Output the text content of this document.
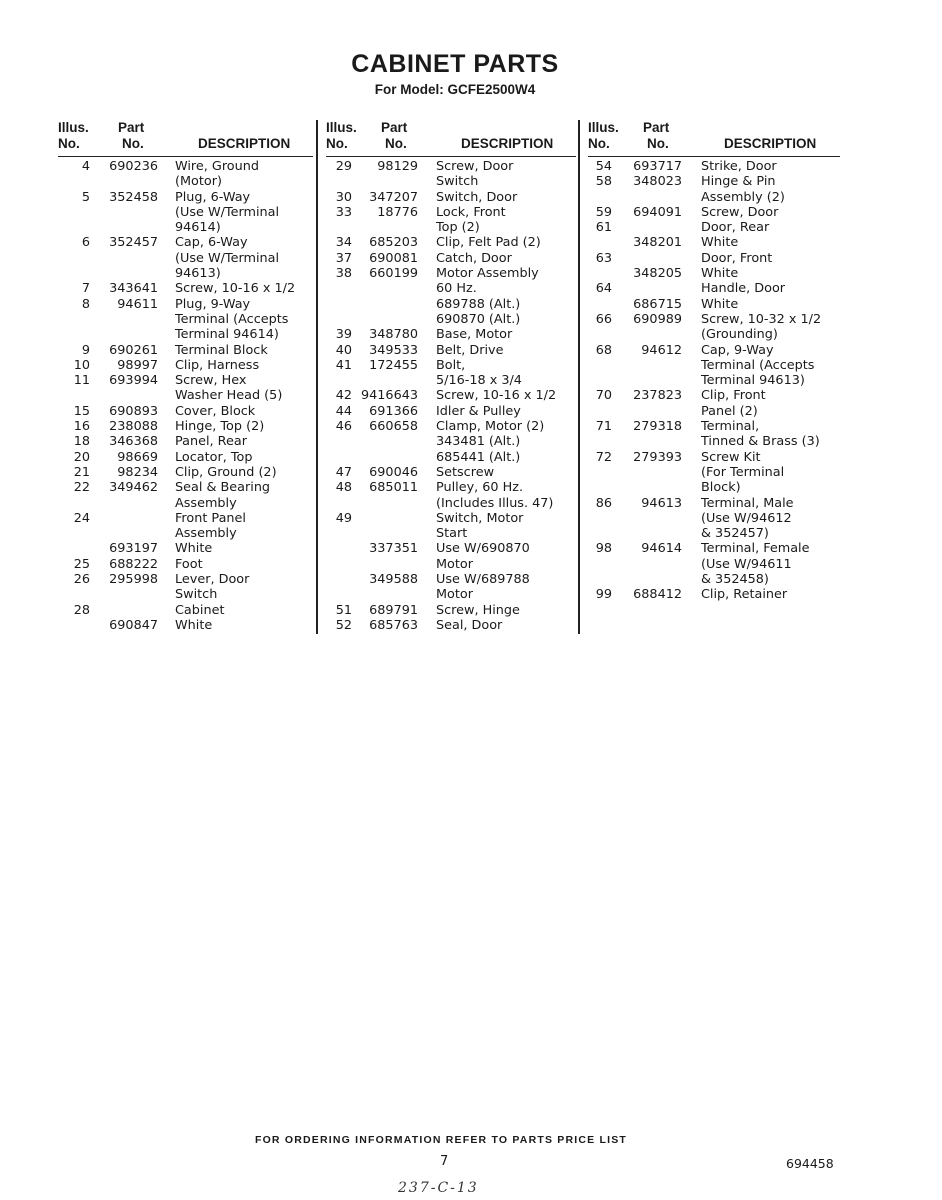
CABINET PARTS
For Model: GCFE2500W4
Illus.
No.
Part
No.	DESCRIPTION
4	690236 Wire, Ground
(Motor)
5	352458 Plug, 6-Way
(Use W/Terminal
94614)
6	352457 Cap, 6-Way
(Use W/Terminal
94613)
7	343641 Screw, 10-16 x 1/2
8	94611 Plug, 9-Way
Terminal (Accepts
Terminal 94614)
9	690261 Terminal Block
10	98997 Clip, Harness
11	693994 Screw, Hex
Washer Head (5)
15	690893 Cover, Block
16	238088 Hinge, Top (2)
18	346368 Panel, Rear
20	98669 Locator, Top
21	98234 Clip, Ground (2)
22	349462 Seal & Bearing
Assembly
24	Front Panel
Assembly
693197 White
25	688222 Foot
26	295998 Lever, Door
Switch
28	Cabinet
690847 White
Illus.
No.
Part
No.	DESCRIPTION
29	98129 Screw, Door
Switch
30	347207 Switch, Door
33	18776 Lock, Front
Top (2)
34	685203 Clip, Felt Pad (2)
37	690081 Catch, Door
38	660199 Motor Assembly
60 Hz.
689788 (Alt.)
690870 (Alt.)
39	348780 Base, Motor
40	349533 Belt, Drive
41	172455 Bolt,
5/16-18 x 3/4
42 9416643 Screw, 10-16 x 1/2
44	691366 Idler & Pulley
46	660658 Clamp, Motor (2)
343481 (Alt.)
685441 (Alt.)
47	690046 Setscrew
48	685011 Pulley, 60 Hz.
(Includes Illus. 47)
49	Switch, Motor
Start
337351 Use W/690870
Motor
349588 Use W/689788
Motor
51	689791 Screw, Hinge
52	685763 Seal, Door
Illus.
No.
Part
No.	DESCRIPTION
54	693717 Strike, Door
58	348023 Hinge & Pin
Assembly (2)
59	694091 Screw, Door
61	Door, Rear
348201 White
63	Door, Front
348205 White
64	Handle, Door
686715 White
66	690989 Screw, 10-32 x 1/2
(Grounding)
68	94612 Cap, 9-Way
Terminal (Accepts
Terminal 94613)
70	237823 Clip, Front
Panel (2)
71	279318 Terminal,
Tinned & Brass (3)
72	279393 Screw Kit
(For Terminal
Block)
86	94613 Terminal, Male
(Use W/94612
& 352457)
98	94614 Terminal, Female
(Use W/94611
& 352458)
99	688412 Clip, Retainer
FOR ORDERING INFORMATION REFER TO PARTS PRICE LIST
7	694458
237-C-13
